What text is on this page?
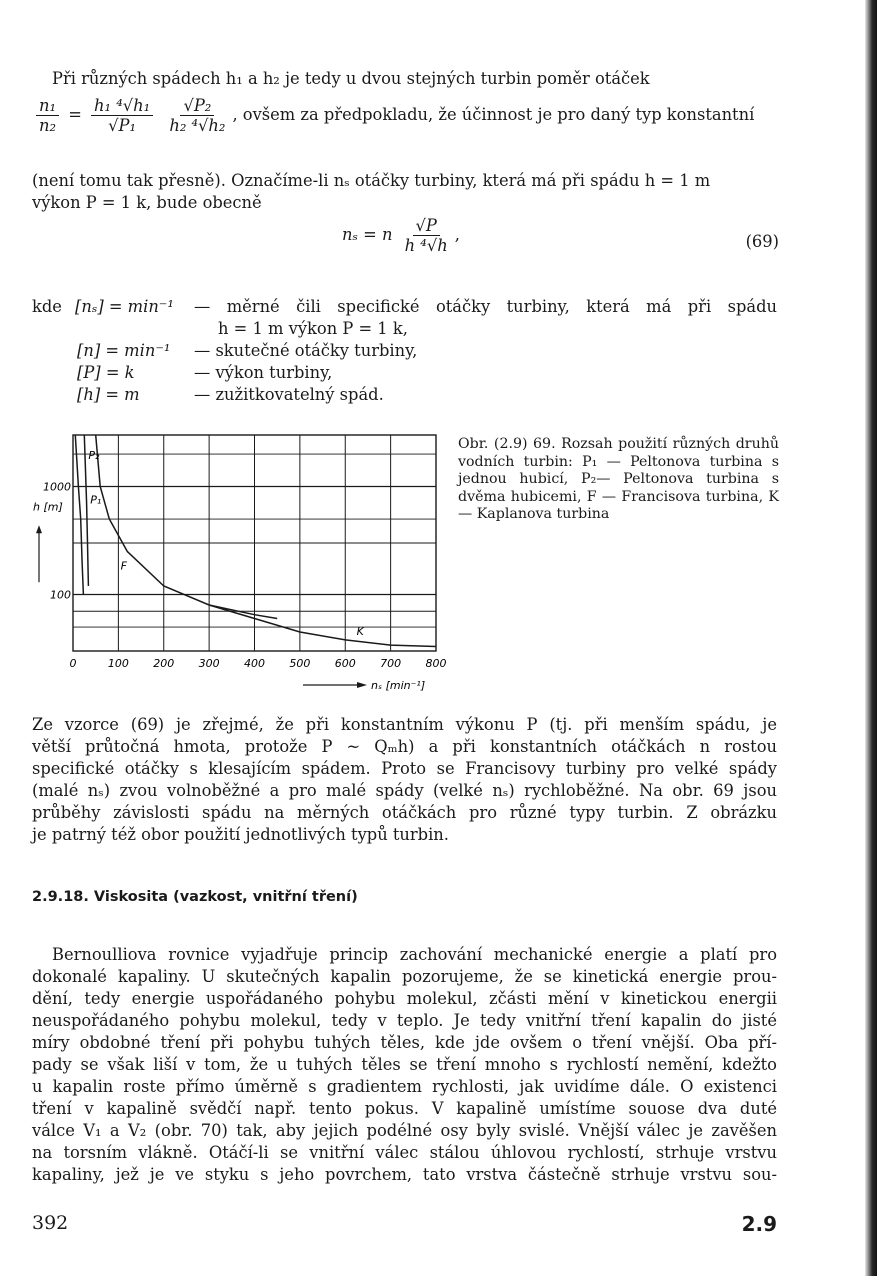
Při různých spádech h₁ a h₂ je tedy u dvou stejných turbin poměr otáček

$\frac{\text{n₁}}{\text{n₂}} = \frac{\text{h₁ ⁴√h₁}}{\text{√P₁}}$
$\frac{\text{√P₂}}{\text{h₂ ⁴√h₂}}$ , ovšem za předpokladu, že účinnost je pro daný typ konstantní

(není tomu tak přesně). Označíme-li nₛ otáčky turbiny, která má při spádu h = 1 m

výkon P = 1 k, bude obecně

nₛ = n $\frac{√P}{\text{h ⁴√h}}$ ,	(69)
kde [nₛ] = min⁻¹ — měrné čili specifické otáčky turbiny, která má při spádu
h = 1 m výkon P = 1 k,
[n] = min⁻¹ — skutečné otáčky turbiny,
[P] = k	— výkon turbiny,
[h] = m	— zužitkovatelný spád.
1000
100
h [m]
0	100 200 300 400 500 600 700 800
nₛ [min⁻¹]
P₂
P₁
F
K
Obr. (2.9) 69. Rozsah použití různých druhů vodních turbin: P₁ — Peltonova turbina s jednou hubicí, P₂— Peltonova turbina s dvěma hubicemi, F — Francisova turbina, K— Kaplanova turbina

Ze vzorce (69) je zřejmé, že při konstantním výkonu P (tj. při menším spádu, je

větší průtočná hmota, protože P ~ Qₘh) a při konstantních otáčkách n rostou

specifické otáčky s klesajícím spádem. Proto se Francisovy turbiny pro velké spády

(malé nₛ) zvou volnoběžné a pro malé spády (velké nₛ) rychloběžné. Na obr. 69 jsou

průběhy závislosti spádu na měrných otáčkách pro různé typy turbin. Z obrázku

je patrný též obor použití jednotlivých typů turbin.

2.9.18. Viskosita (vazkost, vnitřní tření)

Bernoulliova rovnice vyjadřuje princip zachování mechanické energie a platí pro

dokonalé kapaliny. U skutečných kapalin pozorujeme, že se kinetická energie prou-

dění, tedy energie uspořádaného pohybu molekul, zčásti mění v kinetickou energii

neuspořádaného pohybu molekul, tedy v teplo. Je tedy vnitřní tření kapalin do jisté

míry obdobné tření při pohybu tuhých těles, kde jde ovšem o tření vnější. Oba pří-

pady se však liší v tom, že u tuhých těles se tření mnoho s rychlostí nemění, kdežto

u kapalin roste přímo úměrně s gradientem rychlosti, jak uvidíme dále. O existenci

tření v kapalině svědčí např. tento pokus. V kapalině umístíme souose dva duté

válce V₁ a V₂ (obr. 70) tak, aby jejich podélné osy byly svislé. Vnější válec je zavěšen

na torsním vlákně. Otáčí-li se vnitřní válec stálou úhlovou rychlostí, strhuje vrstvu

kapaliny, jež je ve styku s jeho povrchem, tato vrstva částečně strhuje vrstvu sou-

392	2.9
